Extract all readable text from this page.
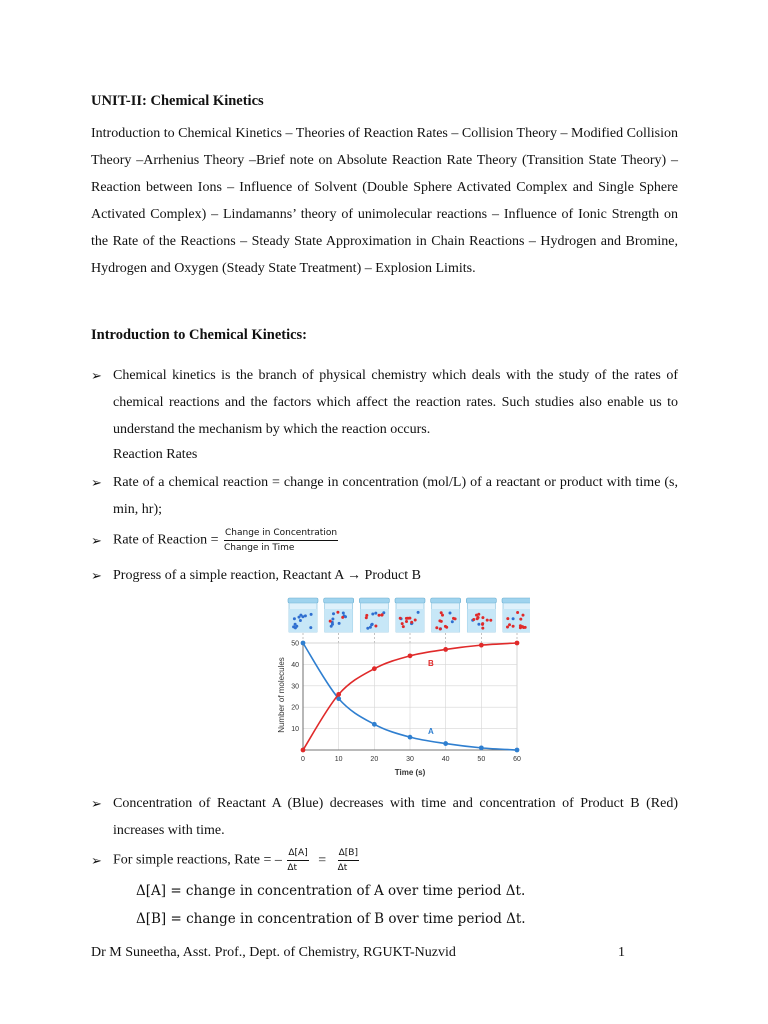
UNIT-II: Chemical Kinetics
Introduction to Chemical Kinetics – Theories of Reaction Rates – Collision Theory – Modified Collision Theory –Arrhenius Theory –Brief note on Absolute Reaction Rate Theory (Transition State Theory) – Reaction between Ions – Influence of Solvent (Double Sphere Activated Complex and Single Sphere Activated Complex) – Lindamanns’ theory of unimolecular reactions – Influence of Ionic Strength on the Rate of the Reactions – Steady State Approximation in Chain Reactions – Hydrogen and Bromine, Hydrogen and Oxygen (Steady State Treatment) – Explosion Limits.
Introduction to Chemical Kinetics:
➢ Chemical kinetics is the branch of physical chemistry which deals with the study of the rates of chemical reactions and the factors which affect the reaction rates. Such studies also enable us to understand the mechanism by which the reaction occurs.
Reaction Rates
➢ Rate of a chemical reaction = change in concentration (mol/L) of a reactant or product with time (s, min, hr);
➢ Rate of Reaction = $\frac{\text{Change in Concentration}}{\text{Change in Time}}$
➢ Progress of a simple reaction, Reactant A → Product B
0	10	20	30	40	50	60
10
20
30
40
50
A
B
Number of molecules
Time (s)
➢ Concentration of Reactant A (Blue) decreases with time and concentration of Product B (Red) increases with time.
➢ For simple reactions, Rate = – $\frac{\Delta[A]}{\Delta t} = \frac{\Delta[B]}{\Delta t}$
Δ[A] = change in concentration of A over time period Δt.
Δ[B] = change in concentration of B over time period Δt.
Dr M Suneetha, Asst. Prof., Dept. of Chemistry, RGUKT-Nuzvid	1
